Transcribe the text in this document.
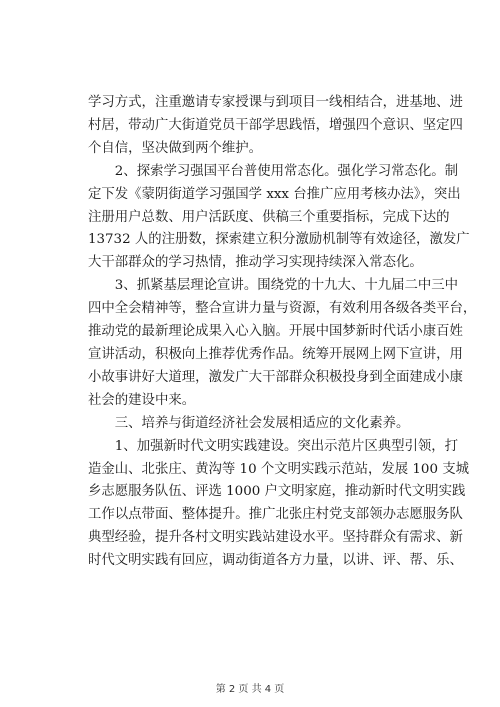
学习方式，注重邀请专家授课与到项目一线相结合，进基地、进
村居，带动广大街道党员干部学思践悟，增强四个意识、坚定四
个自信，坚决做到两个维护。

　　2、探索学习强国平台普使用常态化。强化学习常态化。制
定下发《蒙阴街道学习强国学 xxx 台推广应用考核办法》，突出
注册用户总数、用户活跃度、供稿三个重要指标，完成下达的
13732 人的注册数，探索建立积分激励机制等有效途径，激发广
大干部群众的学习热情，推动学习实现持续深入常态化。

　　3、抓紧基层理论宣讲。围绕党的十九大、十九届二中三中
四中全会精神等，整合宣讲力量与资源，有效利用各级各类平台，
推动党的最新理论成果入心入脑。开展中国梦新时代话小康百姓
宣讲活动，积极向上推荐优秀作品。统筹开展网上网下宣讲，用
小故事讲好大道理，激发广大干部群众积极投身到全面建成小康
社会的建设中来。

　　三、培养与街道经济社会发展相适应的文化素养。

　　1、加强新时代文明实践建设。突出示范片区典型引领，打
造金山、北张庄、黄沟等 10 个文明实践示范站，发展 100 支城
乡志愿服务队伍、评选 1000 户文明家庭，推动新时代文明实践
工作以点带面、整体提升。推广北张庄村党支部领办志愿服务队
典型经验，提升各村文明实践站建设水平。坚持群众有需求、新
时代文明实践有回应，调动街道各方力量，以讲、评、帮、乐、

第 2 页 共 4 页
